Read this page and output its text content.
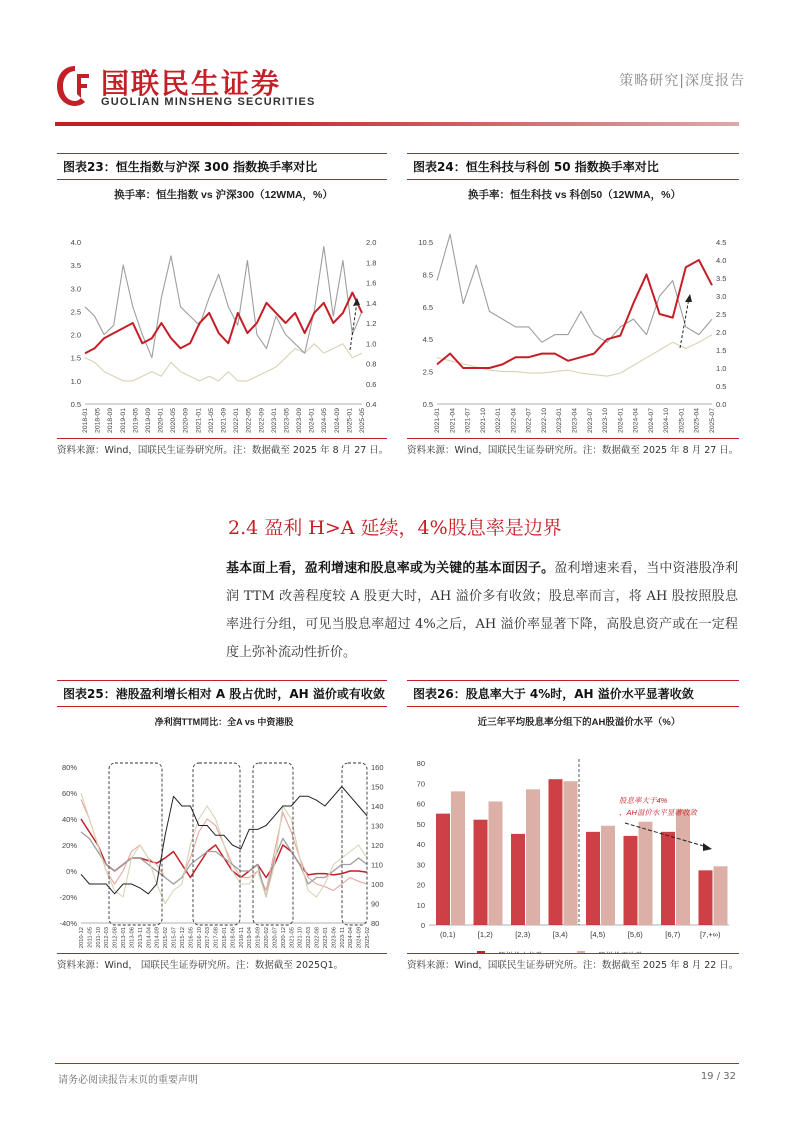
国联民生证券
GUOLIAN MINSHENG SECURITIES
策略研究|深度报告
图表23：恒生指数与沪深 300 指数换手率对比
换手率：恒生指数 vs 沪深300（12WMA，%）
4.0
3.5
3.0
2.5
2.0
1.5
1.0
0.5
2.0
1.8
1.6
1.4
1.2
1.0
0.8
0.6
0.4
2018-01 2018-05 2018-09 2019-01 2019-05 2019-09 2020-01 2020-05 2020-09 2021-01 2021-05 2021-09 2022-01 2022-05 2022-09 2023-01 2023-05 2023-09 2024-01 2024-05 2024-09 2025-01 2025-05
资料来源：Wind，国联民生证券研究所。注：数据截至 2025 年 8 月 27 日。
图表24：恒生科技与科创 50 指数换手率对比
换手率：恒生科技 vs 科创50（12WMA，%）
10.5
8.5
6.5
4.5
2.5
0.5
4.5
4.0
3.5
3.0
2.5
2.0
1.5
1.0
0.5
0.0
2021-01 2021-04 2021-07 2021-10 2022-01 2022-04 2022-07 2022-10 2023-01 2023-04 2023-07 2023-10 2024-01 2024-04 2024-07 2024-10 2025-01 2025-04 2025-07
资料来源：Wind，国联民生证券研究所。注：数据截至 2025 年 8 月 27 日。
2.4 盈利 H>A 延续，4%股息率是边界
基本面上看，盈利增速和股息率或为关键的基本面因子。盈利增速来看，当中资港股净利润 TTM 改善程度较 A 股更大时，AH 溢价多有收敛；股息率而言，将 AH 股按照股息率进行分组，可见当股息率超过 4%之后，AH 溢价率显著下降，高股息资产或在一定程度上弥补流动性折价。
图表25：港股盈利增长相对 A 股占优时，AH 溢价或有收敛
净利润TTM同比：全A vs 中资港股
80%
60%
40%
20%
0%
-20%
-40%
160
150
140
130
120
110
100
90
80
2010-12 2011-05 2011-10 2012-03 2012-08 2013-01 2013-06 2013-11 2014-04 2014-09 2015-02 2015-07 2015-12 2016-05 2016-10 2017-03 2017-08 2018-01 2018-06 2018-11 2019-04 2019-09 2020-02 2020-07 2020-12 2021-05 2021-10 2022-03 2022-08 2023-01 2023-06 2023-11 2024-04 2024-09 2025-02
资料来源：Wind， 国联民生证券研究所。注：数据截至 2025Q1。
图表26：股息率大于 4%时，AH 溢价水平显著收敛
近三年平均股息率分组下的AH股溢价水平（%）
80
70
60
50
40
30
20
10
0
(0,1)	[1,2)	[2,3)	[3,4)	[4,5)	[5,6)	[6,7)	[7,+∞)
股息率大于4%
，AH溢价水平显著收敛
资料来源：Wind，国联民生证券研究所。注：数据截至 2025 年 8 月 22 日。
请务必阅读报告末页的重要声明	19 / 32
